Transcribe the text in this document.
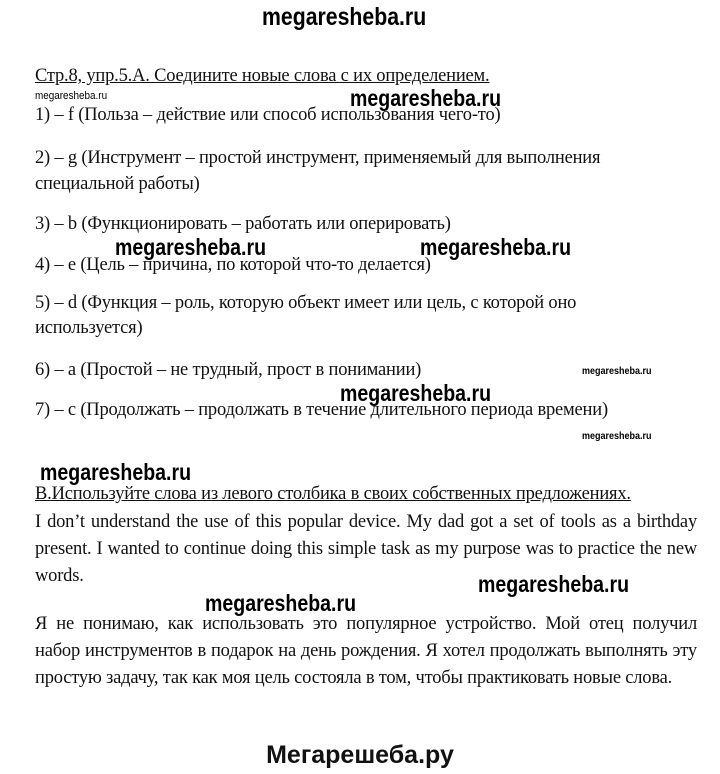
megaresheba.ru
Стр.8, упр.5.А. Соедините новые слова с их определением.
megaresheba.ru	megaresheba.ru
1) – f (Польза – действие или способ использования чего-то)
2) – g (Инструмент – простой инструмент, применяемый для выполнения
специальной работы)
3) – b (Функционировать – работать или оперировать)
megaresheba.ru	megaresheba.ru
4) – e (Цель – причина, по которой что-то делается)
5) – d (Функция – роль, которую объект имеет или цель, с которой оно
используется)
6) – a (Простой – не трудный, прост в понимании)	megaresheba.ru
megaresheba.ru
7) – c (Продолжать – продолжать в течение длительного периода времени)
megaresheba.ru
megaresheba.ru
В.Используйте слова из левого столбика в своих собственных предложениях.
I don’t understand the use of this popular device. My dad got a set of tools as a birthday present. I wanted to continue doing this simple task as my purpose was to practice the new words.	megaresheba.ru
megaresheba.ru
Я не понимаю, как использовать это популярное устройство. Мой отец получил набор инструментов в подарок на день рождения. Я хотел продолжать выполнять эту простую задачу, так как моя цель состояла в том, чтобы практиковать новые слова.
Мегарешеба.ру
